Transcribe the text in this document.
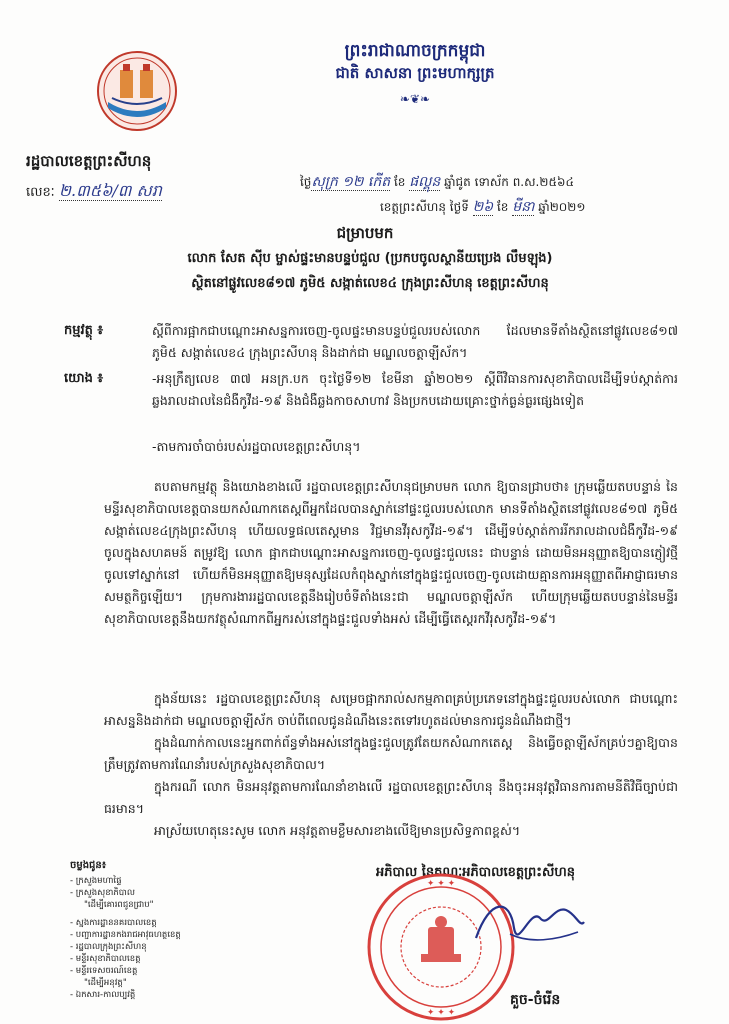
ព្រះរាជាណាចក្រកម្ពុជា
ជាតិ សាសនា ព្រះមហាក្សត្រ
❧❦❧
រដ្ឋបាលខេត្តព្រះសីហនុ
លេខៈ ២.៣៥៦/៣ សរា	ថ្ងៃសុក្រ ១២ កើត ខែ ផល្គុន ឆ្នាំជូត ទោស័ក ព.ស.២៥៦៤
ខេត្តព្រះសីហនុ ថ្ងៃទី ២៦ ខែ មីនា ឆ្នាំ២០២១
ជម្រាបមក
លោក សែត ស៊ីប ម្ចាស់ផ្ទះមានបន្ទប់ជួល (ប្រកបចូលស្ថានីយប្រេង លឹមឡុង)
ស្ថិតនៅផ្លូវលេខ៨១៧ ភូមិ៥ សង្កាត់លេខ៤ ក្រុងព្រះសីហនុ ខេត្តព្រះសីហនុ
កម្មវត្ថុ ៖	ស្តីពីការផ្អាកជាបណ្តោះអាសន្នការចេញ-ចូលផ្ទះមានបន្ទប់ជួលរបស់លោក ដែលមានទីតាំងស្ថិតនៅផ្លូវលេខ៨១៧ ភូមិ៥ សង្កាត់លេខ៤ ក្រុងព្រះសីហនុ និងដាក់ជា មណ្ឌលចត្តាឡីស័ក។
យោង ៖	-អនុក្រឹត្យលេខ ៣៧ អនក្រ.បក ចុះថ្ងៃទី១២ ខែមីនា ឆ្នាំ២០២១ ស្តីពីវិធានការសុខាភិបាលដើម្បីទប់ស្កាត់ការឆ្លងរាលដាលនៃជំងឺកូវីដ-១៩ និងជំងឺឆ្លងកាចសាហាវ និងប្រកបដោយគ្រោះថ្នាក់ធ្ងន់ធ្ងរផ្សេងទៀត
-តាមការចាំបាច់របស់រដ្ឋបាលខេត្តព្រះសីហនុ។
តបតាមកម្មវត្ថុ និងយោងខាងលើ រដ្ឋបាលខេត្តព្រះសីហនុជម្រាបមក លោក ឱ្យបានជ្រាបថា៖ ក្រុមឆ្លើយតបបន្ទាន់ នៃមន្ទីរសុខាភិបាលខេត្តបានយកសំណាកតេស្តពីអ្នកដែលបានស្នាក់នៅផ្ទះជួលរបស់លោក មានទីតាំងស្ថិតនៅផ្លូវលេខ៨១៧ ភូមិ៥ សង្កាត់លេខ៤ក្រុងព្រះសីហនុ ហើយលទ្ធផលតេស្តមាន វិជ្ជមានវីរុសកូវីដ-១៩។ ដើម្បីទប់ស្កាត់ការរីករាលដាលជំងឺកូវីដ-១៩ ចូលក្នុងសហគមន៍ តម្រូវឱ្យ លោក ផ្អាកជាបណ្តោះអាសន្នការចេញ-ចូលផ្ទះជួលនេះ ជាបន្ទាន់ ដោយមិនអនុញ្ញាតឱ្យបានភ្ញៀវថ្មីចូលទៅស្នាក់នៅ ហើយក៏មិនអនុញ្ញាតឱ្យមនុស្សដែលកំពុងស្នាក់នៅក្នុងផ្ទះជួលចេញ-ចូលដោយគ្មានការអនុញ្ញាតពីអាជ្ញាធរមានសមត្ថកិច្ចឡើយ។ ក្រុមការងាររដ្ឋបាលខេត្តនឹងរៀបចំទីតាំងនេះជា មណ្ឌលចត្តាឡីស័ក ហើយក្រុមឆ្លើយតបបន្ទាន់នៃមន្ទីរសុខាភិបាលខេត្តនឹងយកវត្ថុសំណាកពីអ្នករស់នៅក្នុងផ្ទះជួលទាំងអស់ ដើម្បីធ្វើតេស្តរកវីរុសកូវីដ-១៩។
ក្នុងន័យនេះ រដ្ឋបាលខេត្តព្រះសីហនុ សម្រេចផ្អាករាល់សកម្មភាពគ្រប់ប្រភេទនៅក្នុងផ្ទះជួលរបស់លោក ជាបណ្តោះអាសន្ននិងដាក់ជា មណ្ឌលចត្តាឡីស័ក ចាប់ពីពេលជូនដំណឹងនេះតទៅរហូតដល់មានការជូនដំណឹងជាថ្មី។
ក្នុងដំណាក់កាលនេះអ្នកពាក់ព័ន្ធទាំងអស់នៅក្នុងផ្ទះជួលត្រូវតែយកសំណាកតេស្ត និងធ្វើចត្តាឡីស័កគ្រប់ៗគ្នាឱ្យបានត្រឹមត្រូវតាមការណែនាំរបស់ក្រសួងសុខាភិបាល។
ក្នុងករណី លោក មិនអនុវត្តតាមការណែនាំខាងលើ រដ្ឋបាលខេត្តព្រះសីហនុ នឹងចុះអនុវត្តវិធានការតាមនីតិវិធីច្បាប់ជាធរមាន។
អាស្រ័យហេតុនេះសូម លោក អនុវត្តតាមខ្លឹមសារខាងលើឱ្យមានប្រសិទ្ធភាពខ្ពស់។
ចម្លងជូន៖
- ក្រសួងមហាផ្ទៃ
- ក្រសួងសុខាភិបាល
"ដើម្បីគោរពជូនជ្រាប"
- ស្នងការដ្ឋាននគរបាលខេត្ត
- បញ្ជាការដ្ឋានកងរាជអាវុធហត្ថខេត្ត
- រដ្ឋបាលក្រុងព្រះសីហនុ
- មន្ទីរសុខាភិបាលខេត្ត
- មន្ទីរទេសចរណ៍ខេត្ត
"ដើម្បីអនុវត្ត"
- ឯកសារ-កាលប្បវត្តិ
អភិបាល នៃគណៈអភិបាលខេត្តព្រះសីហនុ
✦ ✦ ✦
✦ ✦ ✦
គួច-ចំរើន
